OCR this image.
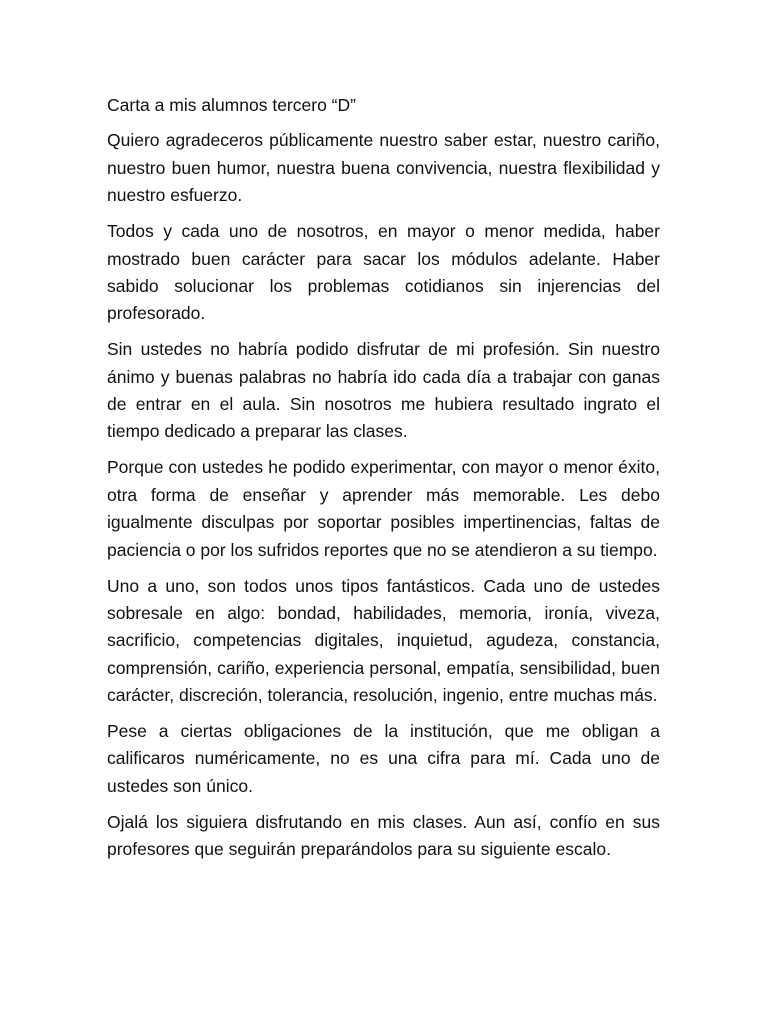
Carta a mis alumnos tercero “D”

Quiero agradeceros públicamente nuestro saber estar, nuestro cariño, nuestro buen humor, nuestra buena convivencia, nuestra flexibilidad y nuestro esfuerzo.

Todos y cada uno de nosotros, en mayor o menor medida, haber mostrado buen carácter para sacar los módulos adelante. Haber sabido solucionar los problemas cotidianos sin injerencias del profesorado.

Sin ustedes no habría podido disfrutar de mi profesión. Sin nuestro ánimo y buenas palabras no habría ido cada día a trabajar con ganas de entrar en el aula. Sin nosotros me hubiera resultado ingrato el tiempo dedicado a preparar las clases.

Porque con ustedes he podido experimentar, con mayor o menor éxito, otra forma de enseñar y aprender más memorable. Les debo igualmente disculpas por soportar posibles impertinencias, faltas de paciencia o por los sufridos reportes que no se atendieron a su tiempo.

Uno a uno, son todos unos tipos fantásticos. Cada uno de ustedes sobresale en algo: bondad, habilidades, memoria, ironía, viveza, sacrificio, competencias digitales, inquietud, agudeza, constancia, comprensión, cariño, experiencia personal, empatía, sensibilidad, buen carácter, discreción, tolerancia, resolución, ingenio, entre muchas más.

Pese a ciertas obligaciones de la institución, que me obligan a calificaros numéricamente, no es una cifra para mí. Cada uno de ustedes son único.

Ojalá los siguiera disfrutando en mis clases. Aun así, confío en sus profesores que seguirán preparándolos para su siguiente escalo.
